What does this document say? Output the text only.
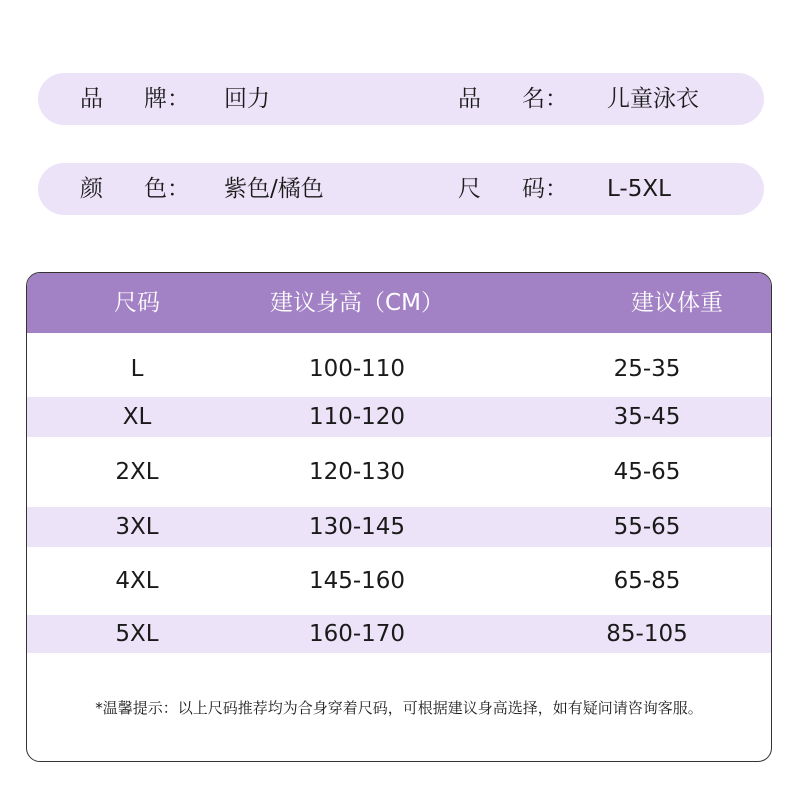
品 牌： 回力	品 名： 儿童泳衣
颜 色： 紫色/橘色	尺 码： L-5XL
尺码	建议身高（CM）	建议体重
L	100-110	25-35
XL	110-120	35-45
2XL	120-130	45-65
3XL	130-145	55-65
4XL	145-160	65-85
5XL	160-170	85-105
*温馨提示：以上尺码推荐均为合身穿着尺码，可根据建议身高选择，如有疑问请咨询客服。
